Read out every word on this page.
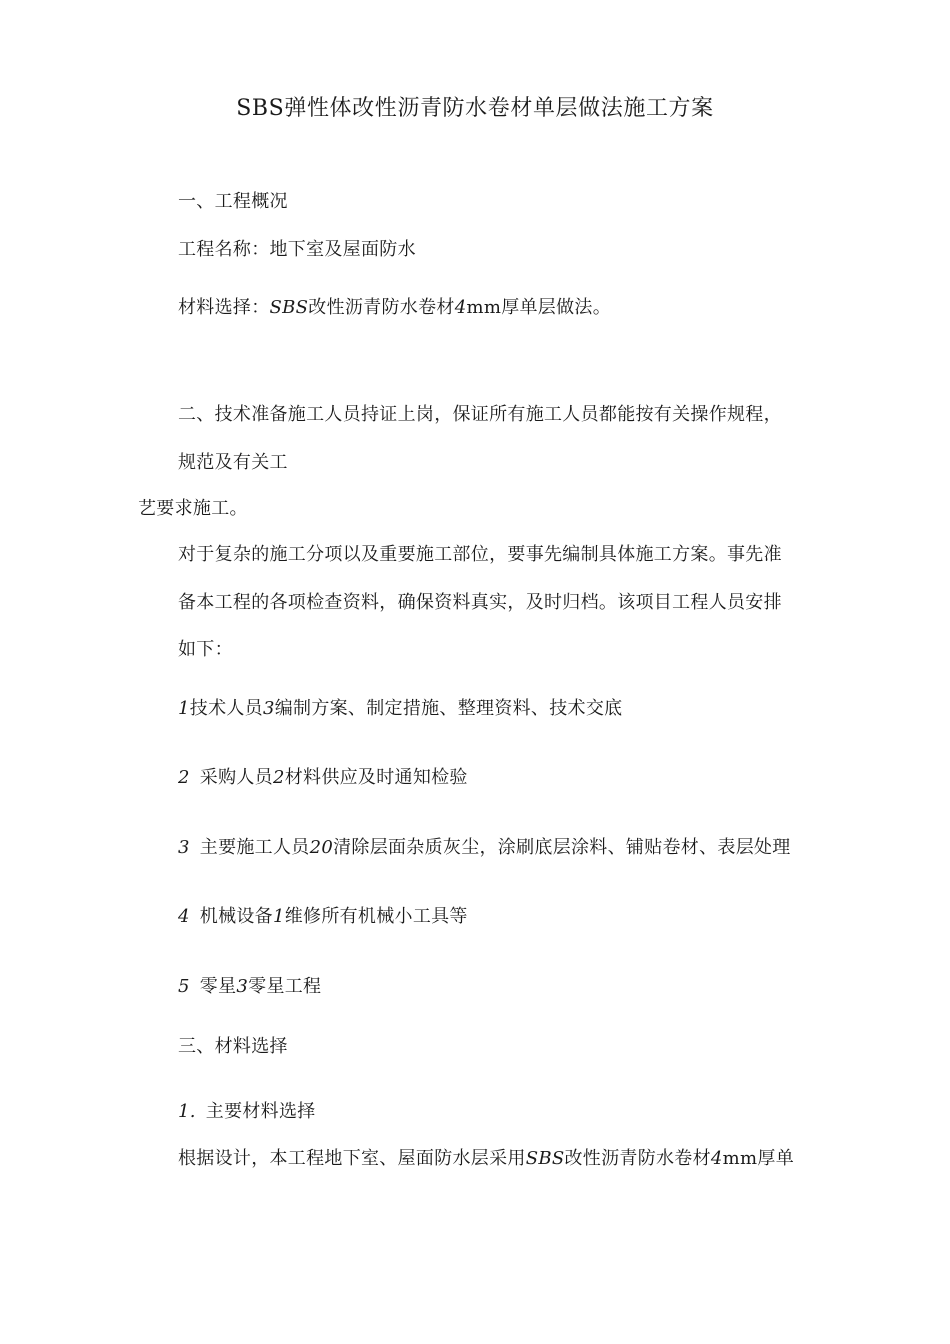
SBS弹性体改性沥青防水卷材单层做法施工方案
一、工程概况
工程名称：地下室及屋面防水
材料选择：SBS改性沥青防水卷材4mm厚单层做法。
二、技术准备施工人员持证上岗，保证所有施工人员都能按有关操作规程，
规范及有关工
艺要求施工。
对于复杂的施工分项以及重要施工部位，要事先编制具体施工方案。事先准
备本工程的各项检查资料，确保资料真实，及时归档。该项目工程人员安排
如下：
1技术人员3编制方案、制定措施、整理资料、技术交底
2 采购人员2材料供应及时通知检验
3 主要施工人员20清除层面杂质灰尘，涂刷底层涂料、铺贴卷材、表层处理
4 机械设备1维修所有机械小工具等
5 零星3零星工程
三、材料选择
1. 主要材料选择
根据设计，本工程地下室、屋面防水层采用SBS改性沥青防水卷材4mm厚单
